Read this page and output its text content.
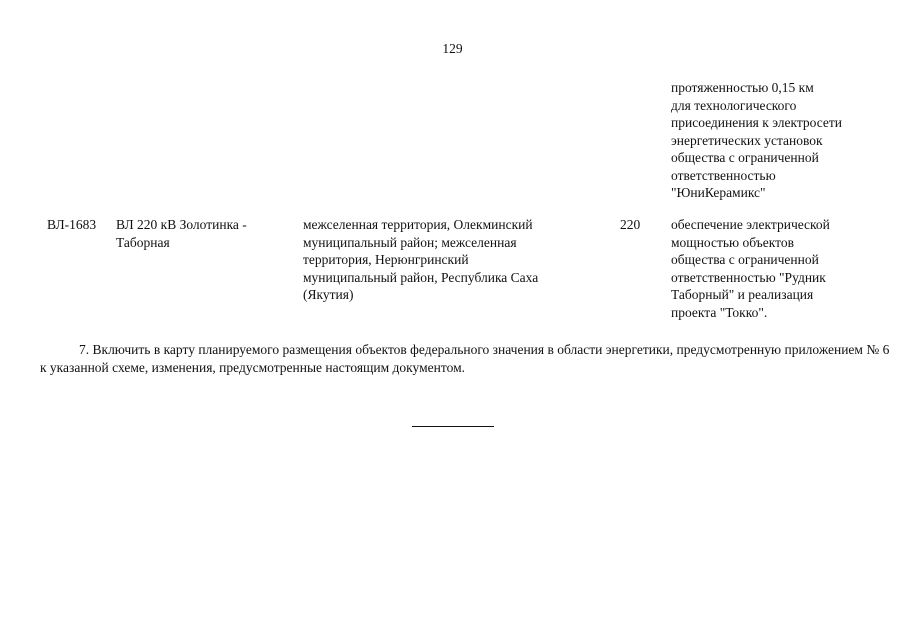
129
протяженностью 0,15 км
для технологического
присоединения к электросети
энергетических установок
общества с ограниченной
ответственностью
"ЮниКерамикс"
ВЛ-1683	ВЛ 220 кВ Золотинка -
Таборная
межселенная территория, Олекминский
муниципальный район; межселенная
территория, Нерюнгринский
муниципальный район, Республика Саха
(Якутия)
220	обеспечение электрической
мощностью объектов
общества с ограниченной
ответственностью "Рудник
Таборный" и реализация
проекта "Токко".
7. Включить в карту планируемого размещения объектов федерального значения в области энергетики, предусмотренную приложением № 6 к указанной схеме, изменения, предусмотренные настоящим документом.
